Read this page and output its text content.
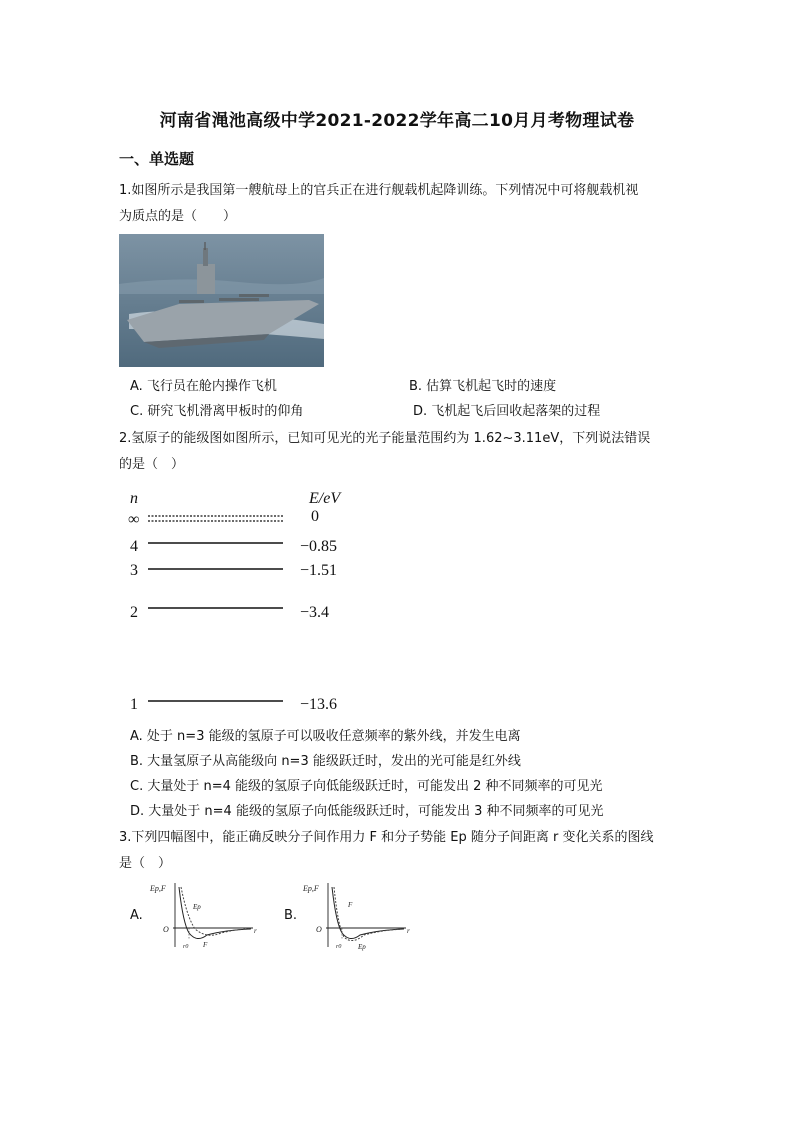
河南省渑池高级中学2021-2022学年高二10月月考物理试卷
一、单选题
1.如图所示是我国第一艘航母上的官兵正在进行舰载机起降训练。下列情况中可将舰载机视
为质点的是（　　）
A. 飞行员在舱内操作飞机	B. 估算飞机起飞时的速度
C. 研究飞机滑离甲板时的仰角	D. 飞机起飞后回收起落架的过程
2.氢原子的能级图如图所示，已知可见光的光子能量范围约为 1.62~3.11eV，下列说法错误
的是（　）
n	E/eV
∞	0
4	−0.85
3	−1.51
2	−3.4
1	−13.6
A. 处于 n=3 能级的氢原子可以吸收任意频率的紫外线，并发生电离
B. 大量氢原子从高能级向 n=3 能级跃迁时，发出的光可能是红外线
C. 大量处于 n=4 能级的氢原子向低能级跃迁时，可能发出 2 种不同频率的可见光
D. 大量处于 n=4 能级的氢原子向低能级跃迁时，可能发出 3 种不同频率的可见光
3.下列四幅图中，能正确反映分子间作用力 F 和分子势能 Ep 随分子间距离 r 变化关系的图线
是（　）
A.
Ep,F
O	r
r0
Ep
F
B.
Ep,F
O	r
r0
F
Ep
